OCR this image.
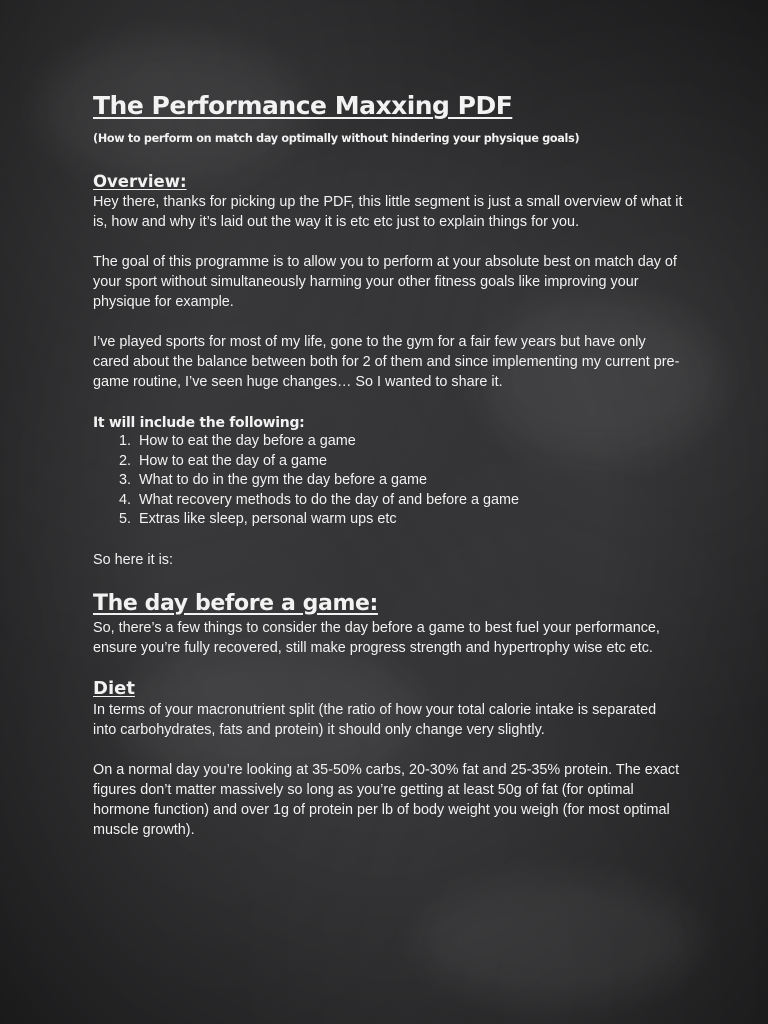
The Performance Maxxing PDF
(How to perform on match day optimally without hindering your physique goals)
Overview:

Hey there, thanks for picking up the PDF, this little segment is just a small overview of what it is, how and why it’s laid out the way it is etc etc just to explain things for you.

The goal of this programme is to allow you to perform at your absolute best on match day of your sport without simultaneously harming your other fitness goals like improving your physique for example.

I’ve played sports for most of my life, gone to the gym for a fair few years but have only cared about the balance between both for 2 of them and since implementing my current pre-game routine, I’ve seen huge changes… So I wanted to share it.

It will include the following:
1. How to eat the day before a game
2. How to eat the day of a game
3. What to do in the gym the day before a game
4. What recovery methods to do the day of and before a game
5. Extras like sleep, personal warm ups etc

So here it is:

The day before a game:

So, there’s a few things to consider the day before a game to best fuel your performance, ensure you’re fully recovered, still make progress strength and hypertrophy wise etc etc.

Diet

In terms of your macronutrient split (the ratio of how your total calorie intake is separated into carbohydrates, fats and protein) it should only change very slightly.

On a normal day you’re looking at 35-50% carbs, 20-30% fat and 25-35% protein. The exact figures don’t matter massively so long as you’re getting at least 50g of fat (for optimal hormone function) and over 1g of protein per lb of body weight you weigh (for most optimal muscle growth).
